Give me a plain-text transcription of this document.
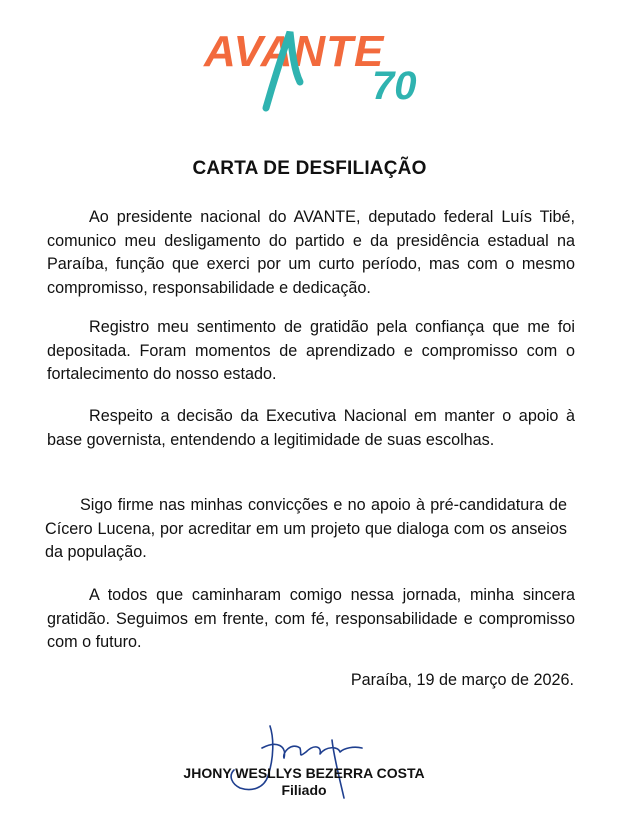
AVANTE
70
CARTA DE DESFILIAÇÃO

Ao presidente nacional do AVANTE, deputado federal Luís Tibé, comunico meu desligamento do partido e da presidência estadual na Paraíba, função que exerci por um curto período, mas com o mesmo compromisso, responsabilidade e dedicação.

Registro meu sentimento de gratidão pela confiança que me foi depositada. Foram momentos de aprendizado e compromisso com o fortalecimento do nosso estado.

Respeito a decisão da Executiva Nacional em manter o apoio à base governista, entendendo a legitimidade de suas escolhas.

Sigo firme nas minhas convicções e no apoio à pré-candidatura de Cícero Lucena, por acreditar em um projeto que dialoga com os anseios da população.

A todos que caminharam comigo nessa jornada, minha sincera gratidão. Seguimos em frente, com fé, responsabilidade e compromisso com o futuro.

Paraíba, 19 de março de 2026.
JHONY WESLLYS BEZERRA COSTA
Filiado
